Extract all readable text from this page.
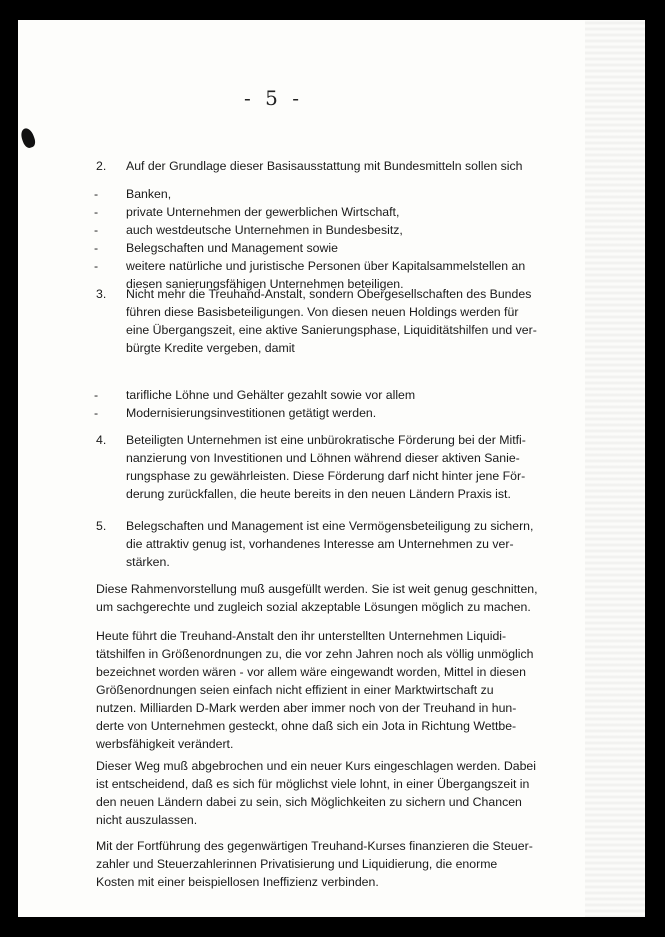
- 5 -
2. Auf der Grundlage dieser Basisausstattung mit Bundesmitteln sollen sich
- Banken,
- private Unternehmen der gewerblichen Wirtschaft,
- auch westdeutsche Unternehmen in Bundesbesitz,
- Belegschaften und Management sowie
- weitere natürliche und juristische Personen über Kapitalsammelstellen an
diesen sanierungsfähigen Unternehmen beteiligen.
3. Nicht mehr die Treuhand-Anstalt, sondern Obergesellschaften des Bundes
führen diese Basisbeteiligungen. Von diesen neuen Holdings werden für
eine Übergangszeit, eine aktive Sanierungsphase, Liquiditätshilfen und ver-
bürgte Kredite vergeben, damit
- tarifliche Löhne und Gehälter gezahlt sowie vor allem
- Modernisierungsinvestitionen getätigt werden.
4. Beteiligten Unternehmen ist eine unbürokratische Förderung bei der Mitfi-
nanzierung von Investitionen und Löhnen während dieser aktiven Sanie-
rungsphase zu gewährleisten. Diese Förderung darf nicht hinter jene För-
derung zurückfallen, die heute bereits in den neuen Ländern Praxis ist.
5. Belegschaften und Management ist eine Vermögensbeteiligung zu sichern,
die attraktiv genug ist, vorhandenes Interesse am Unternehmen zu ver-
stärken.
Diese Rahmenvorstellung muß ausgefüllt werden. Sie ist weit genug geschnitten,
um sachgerechte und zugleich sozial akzeptable Lösungen möglich zu machen.
Heute führt die Treuhand-Anstalt den ihr unterstellten Unternehmen Liquidi-
tätshilfen in Größenordnungen zu, die vor zehn Jahren noch als völlig unmöglich
bezeichnet worden wären - vor allem wäre eingewandt worden, Mittel in diesen
Größenordnungen seien einfach nicht effizient in einer Marktwirtschaft zu
nutzen. Milliarden D-Mark werden aber immer noch von der Treuhand in hun-
derte von Unternehmen gesteckt, ohne daß sich ein Jota in Richtung Wettbe-
werbsfähigkeit verändert.
Dieser Weg muß abgebrochen und ein neuer Kurs eingeschlagen werden. Dabei
ist entscheidend, daß es sich für möglichst viele lohnt, in einer Übergangszeit in
den neuen Ländern dabei zu sein, sich Möglichkeiten zu sichern und Chancen
nicht auszulassen.
Mit der Fortführung des gegenwärtigen Treuhand-Kurses finanzieren die Steuer-
zahler und Steuerzahlerinnen Privatisierung und Liquidierung, die enorme
Kosten mit einer beispiellosen Ineffizienz verbinden.
